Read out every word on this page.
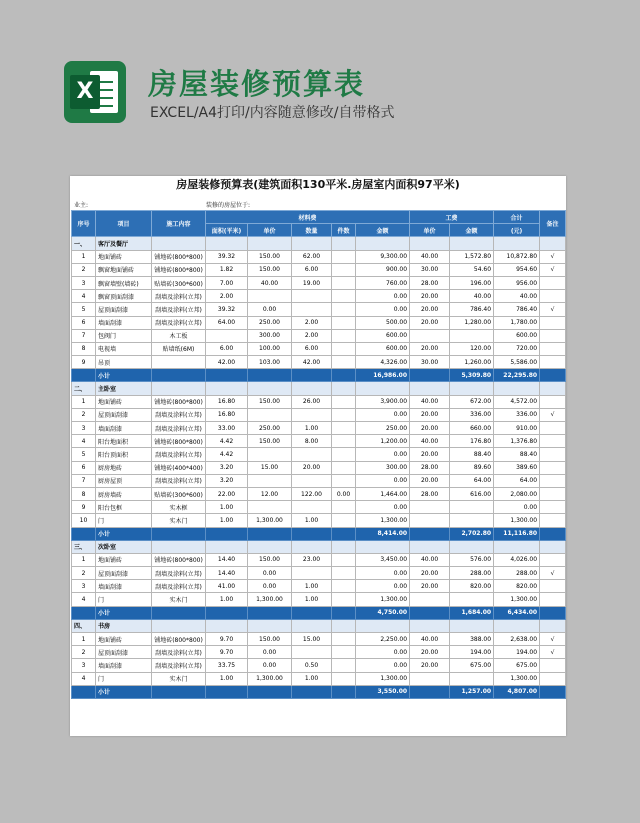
X 房屋装修预算表
EXCEL/A4打印/内容随意修改/自带格式
房屋装修预算表(建筑面积130平米.房屋室内面积97平米)
业主:	装修的房屋位于:
序号	项目	施工内容	材料费					工费		合计	备注
			面积(平米)	单价	数量	件数	金额	单价	金额	(元)	
一、	客厅及餐厅										
1	地面铺砖	铺地砖(800*800)	39.32	150.00	62.00		9,300.00	40.00	1,572.80	10,872.80	√
2	飘窗地面铺砖	铺地砖(800*800)	1.82	150.00	6.00		900.00	30.00	54.60	954.60	√
3	飘窗墙壁(墙砖)	贴墙砖(300*600)	7.00	40.00	19.00		760.00	28.00	196.00	956.00	
4	飘窗顶面刮漆	刮墙及涂料(立邦)	2.00				0.00	20.00	40.00	40.00	
5	屋顶面刮漆	刮墙及涂料(立邦)	39.32	0.00			0.00	20.00	786.40	786.40	√
6	墙面刮漆	刮墙及涂料(立邦)	64.00	250.00	2.00		500.00	20.00	1,280.00	1,780.00	
7	包阀门	木工板		300.00	2.00		600.00			600.00	
8	电视墙	贴墙纸(6M)	6.00	100.00	6.00		600.00	20.00	120.00	720.00	
9	吊顶		42.00	103.00	42.00		4,326.00	30.00	1,260.00	5,586.00	
	小计						16,986.00		5,309.80	22,295.80	
二、	主卧室										
1	地面铺砖	铺地砖(800*800)	16.80	150.00	26.00		3,900.00	40.00	672.00	4,572.00	
2	屋顶面刮漆	刮墙及涂料(立邦)	16.80				0.00	20.00	336.00	336.00	√
3	墙面刮漆	刮墙及涂料(立邦)	33.00	250.00	1.00		250.00	20.00	660.00	910.00	
4	阳台地面积	铺地砖(800*800)	4.42	150.00	8.00		1,200.00	40.00	176.80	1,376.80	
5	阳台顶面积	刮墙及涂料(立邦)	4.42				0.00	20.00	88.40	88.40	
6	厨房地砖	铺地砖(400*400)	3.20	15.00	20.00		300.00	28.00	89.60	389.60	
7	厨房屋顶	刮墙及涂料(立邦)	3.20				0.00	20.00	64.00	64.00	
8	厨房墙砖	贴墙砖(300*600)	22.00	12.00	122.00	0.00	1,464.00	28.00	616.00	2,080.00	
9	阳台包框	实木框	1.00				0.00			0.00	
10	门	实木门	1.00	1,300.00	1.00		1,300.00			1,300.00	
	小计						8,414.00		2,702.80	11,116.80	
三、	次卧室										
1	地面铺砖	铺地砖(800*800)	14.40	150.00	23.00		3,450.00	40.00	576.00	4,026.00	
2	屋顶面刮漆	刮墙及涂料(立邦)	14.40	0.00			0.00	20.00	288.00	288.00	√
3	墙面刮漆	刮墙及涂料(立邦)	41.00	0.00	1.00		0.00	20.00	820.00	820.00	
4	门	实木门	1.00	1,300.00	1.00		1,300.00			1,300.00	
	小计						4,750.00		1,684.00	6,434.00	
四、	书房										
1	地面铺砖	铺地砖(800*800)	9.70	150.00	15.00		2,250.00	40.00	388.00	2,638.00	√
2	屋顶面刮漆	刮墙及涂料(立邦)	9.70	0.00			0.00	20.00	194.00	194.00	√
3	墙面刮漆	刮墙及涂料(立邦)	33.75	0.00	0.50		0.00	20.00	675.00	675.00	
4	门	实木门	1.00	1,300.00	1.00		1,300.00			1,300.00	
	小计						3,550.00		1,257.00	4,807.00	
